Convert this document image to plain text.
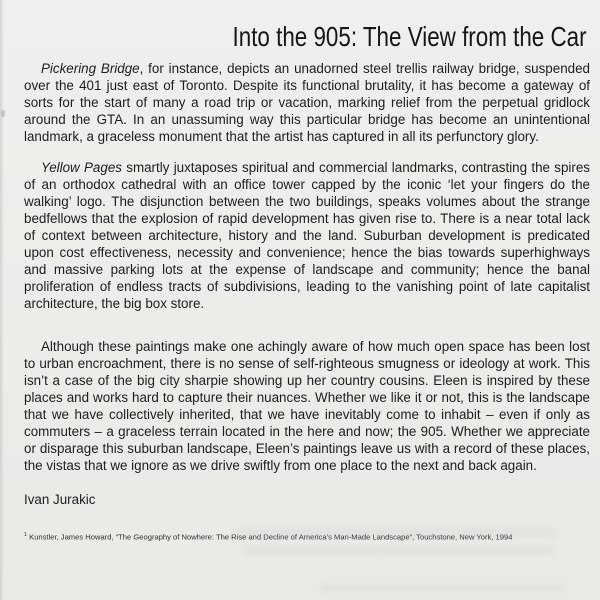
Into the 905: The View from the Car

Pickering Bridge, for instance, depicts an unadorned steel trellis railway bridge, suspended over the 401 just east of Toronto. Despite its functional brutality, it has become a gateway of sorts for the start of many a road trip or vacation, marking relief from the perpetual gridlock around the GTA. In an unassuming way this particular bridge has become an unintentional landmark, a graceless monument that the artist has captured in all its perfunctory glory.

Yellow Pages smartly juxtaposes spiritual and commercial landmarks, contrasting the spires of an orthodox cathedral with an office tower capped by the iconic ‘let your fingers do the walking’ logo. The disjunction between the two buildings, speaks volumes about the strange bedfellows that the explosion of rapid development has given rise to. There is a near total lack of context between architecture, history and the land. Suburban development is predicated upon cost effectiveness, necessity and convenience; hence the bias towards superhighways and massive parking lots at the expense of landscape and community; hence the banal proliferation of endless tracts of subdivisions, leading to the vanishing point of late capitalist architecture, the big box store.

Although these paintings make one achingly aware of how much open space has been lost to urban encroachment, there is no sense of self-righteous smugness or ideology at work. This isn’t a case of the big city sharpie showing up her country cousins. Eleen is inspired by these places and works hard to capture their nuances. Whether we like it or not, this is the landscape that we have collectively inherited, that we have inevitably come to inhabit – even if only as commuters – a graceless terrain located in the here and now; the 905. Whether we appreciate or disparage this suburban landscape, Eleen’s paintings leave us with a record of these places, the vistas that we ignore as we drive swiftly from one place to the next and back again.

Ivan Jurakic
$^1$ Kunstler, James Howard, “The Geography of Nowhere: The Rise and Decline of America’s Man-Made Landscape”, Touchstone, New York, 1994
